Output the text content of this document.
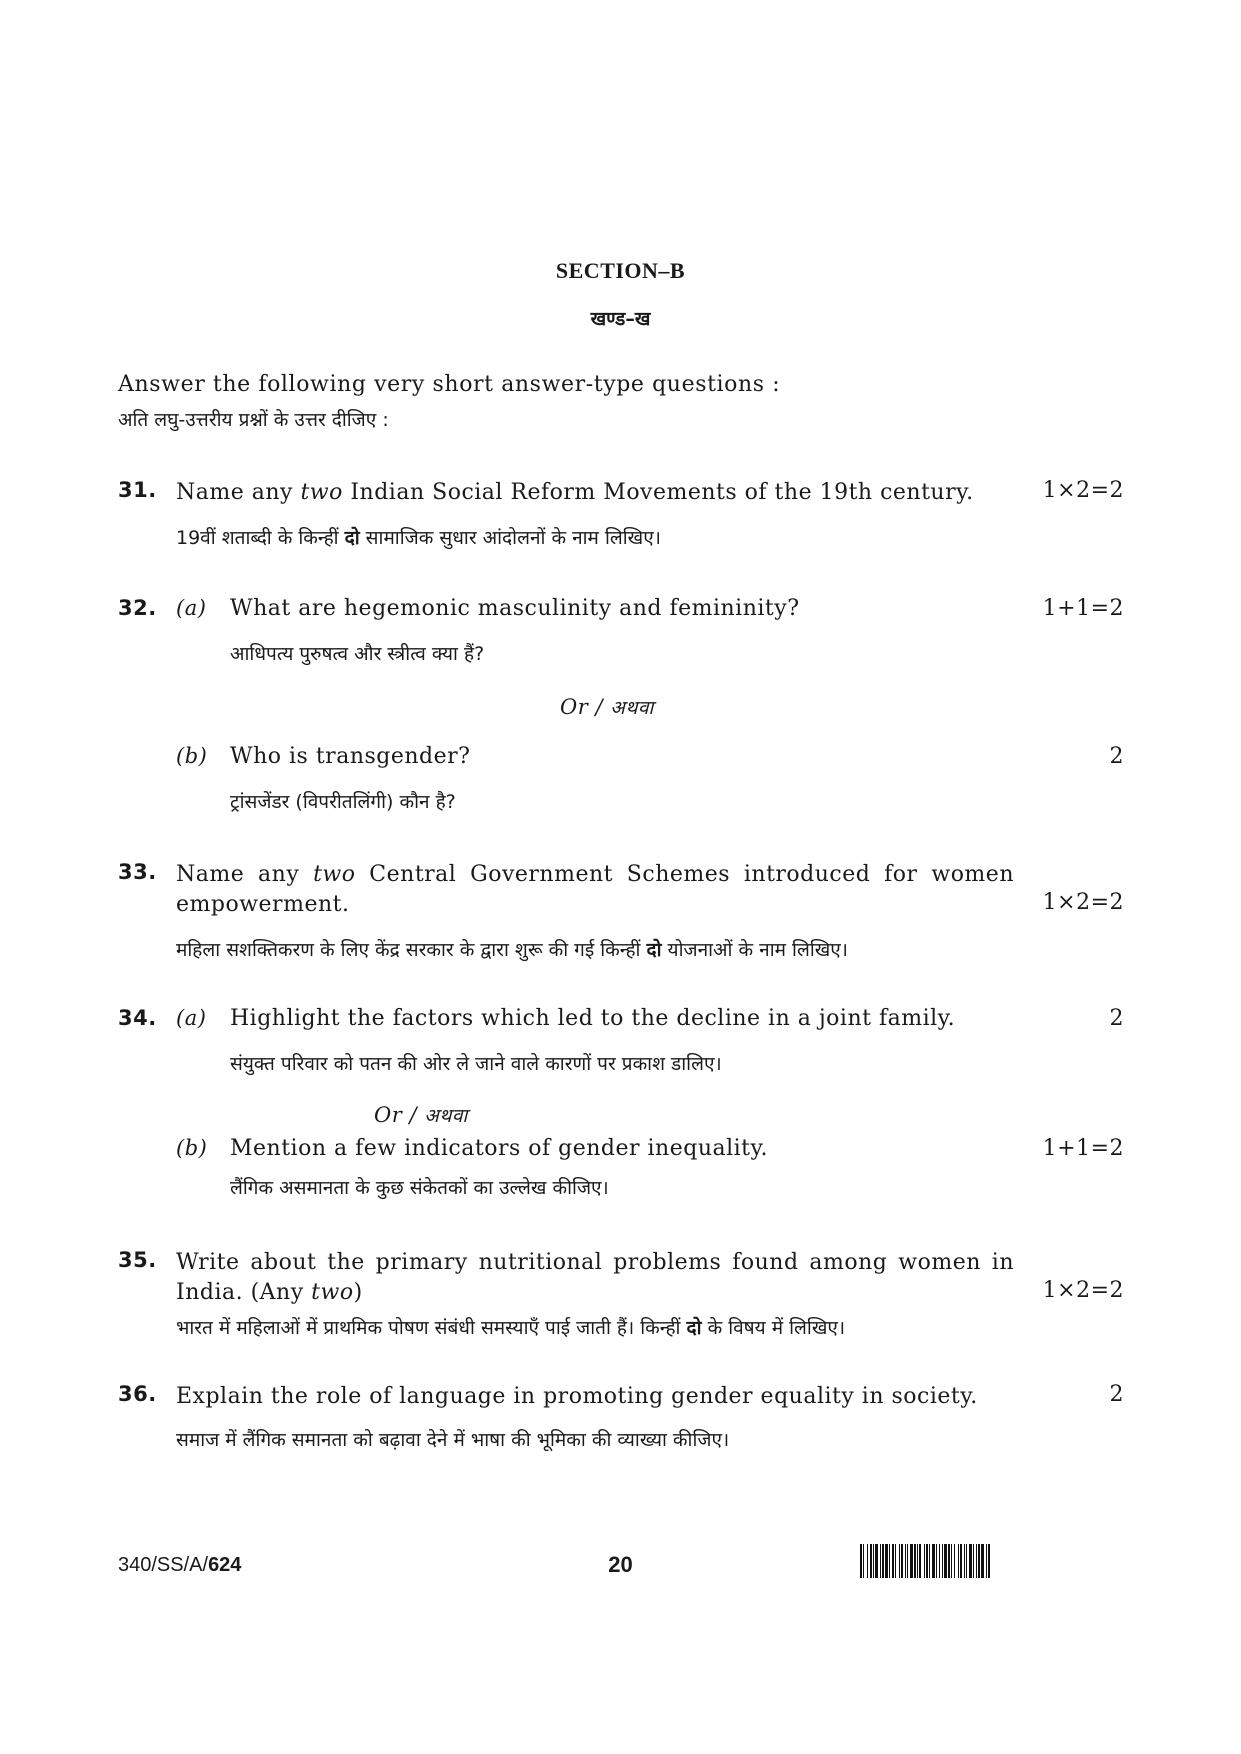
SECTION–B
खण्ड–ख
Answer the following very short answer-type questions :
अति लघु-उत्तरीय प्रश्नों के उत्तर दीजिए :
31. Name any two Indian Social Reform Movements of the 19th century.	1×2=2
19वीं शताब्दी के किन्हीं दो सामाजिक सुधार आंदोलनों के नाम लिखिए।
32. (a) What are hegemonic masculinity and femininity?	1+1=2
आधिपत्य पुरुषत्व और स्त्रीत्व क्या हैं?
Or / अथवा
(b) Who is transgender?	2
ट्रांसजेंडर (विपरीतलिंगी) कौन है?
33. Name any two Central Government Schemes introduced for women empowerment.	1×2=2
महिला सशक्तिकरण के लिए केंद्र सरकार के द्वारा शुरू की गई किन्हीं दो योजनाओं के नाम लिखिए।
34. (a) Highlight the factors which led to the decline in a joint family.	2
संयुक्त परिवार को पतन की ओर ले जाने वाले कारणों पर प्रकाश डालिए।
Or / अथवा
(b) Mention a few indicators of gender inequality.	1+1=2
लैंगिक असमानता के कुछ संकेतकों का उल्लेख कीजिए।
35. Write about the primary nutritional problems found among women in India. (Any two)	1×2=2
भारत में महिलाओं में प्राथमिक पोषण संबंधी समस्याएँ पाई जाती हैं। किन्हीं दो के विषय में लिखिए।
36. Explain the role of language in promoting gender equality in society.	2
समाज में लैंगिक समानता को बढ़ावा देने में भाषा की भूमिका की व्याख्या कीजिए।
340/SS/A/624	20
